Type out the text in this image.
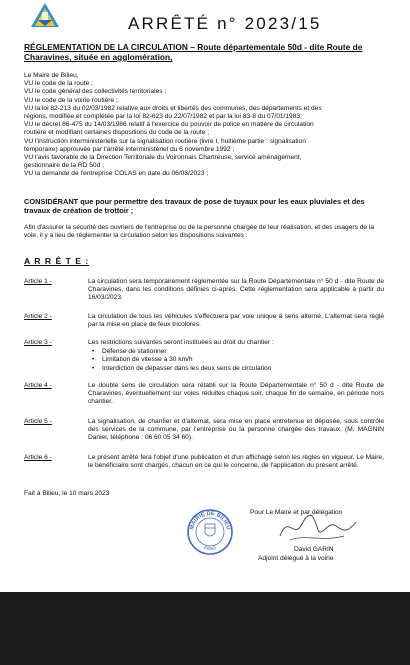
ARRÊTÉ n° 2023/15
RÉGLEMENTATION DE LA CIRCULATION – Route départementale 50d - dite Route de Charavines, située en agglomération,
Le Maire de Bilieu,
VU le code de la route ;
VU le code général des collectivités territoriales ;
VU le code de la voirie routière ;
VU la loi 82-213 du 02/03/1982 relative aux droits et libertés des communes, des départements et des
régions, modifiée et complétée par la loi 82-623 du 22/07/1982 et par la loi 83-8 du 07/01/1983;
VU le décret 86-475 du 14/03/1986 relatif à l'exercice du pouvoir de police en matière de circulation
routière et modifiant certaines dispositions du code de la route ;
VU l'instruction interministérielle sur la signalisation routière (livre I, huitième partie : signalisation
temporaire) approuvée par l'arrêté interministériel du 6 novembre 1992 ;
VU l'avis favorable de la Direction Territoriale du Voironnais Chartreuse, service aménagement,
gestionnaire de la RD 50d ;
VU la demande de l'entreprise COLAS en date du 06/03/2023 ;
CONSIDÉRANT que pour permettre des travaux de pose de tuyaux pour les eaux pluviales et des travaux de création de trottoir ;
Afin d'assurer la sécurité des ouvriers de l'entreprise ou de la personne chargée de leur réalisation, et des usagers de la voie, il y a lieu de réglementer la circulation selon les dispositions suivantes :
A R R Ê T E :
Article 1 -	La circulation sera temporairement réglementée sur la Route Départementale n° 50 d - dite Route de Charavines, dans les conditions définies ci-après. Cette réglementation sera applicable à partir du 16/03/2023.
Article 2 -	La circulation de tous les véhicules s'effectuera par voie unique à sens alterné. L'alternat sera réglé par la mise en place de feux tricolores.
Article 3 -	Les restrictions suivantes seront instituées au droit du chantier :
• Défense de stationner
• Limitation de vitesse à 30 km/h
• Interdiction de dépasser dans les deux sens de circulation
Article 4 -	Le double sens de circulation sera rétabli sur la Route Départementale n° 50 d - dite Route de Charavines, éventuellement sur voies réduites chaque soir, chaque fin de semaine, en période hors chantier.
Article 5 -	La signalisation, de chantier et d'alternat, sera mise en place entretenue et déposée, sous contrôle des services de la commune, par l'entreprise ou la personne chargée des travaux. (M. MAGNIN Daniel, téléphone : 06 60 05 34 60).
Article 6 -	Le présent arrêté fera l'objet d'une publication et d'un affichage selon les règles en vigueur. Le Maire, le bénéficiaire sont chargés, chacun en ce qui le concerne, de l'application du présent arrêté.
Fait à Bilieu, le 10 mars 2023
MAIRIE DE BILIEU
(Isère)
Pour Le Maire et par délégation
David GARIN
Adjoint délégué à la voirie
